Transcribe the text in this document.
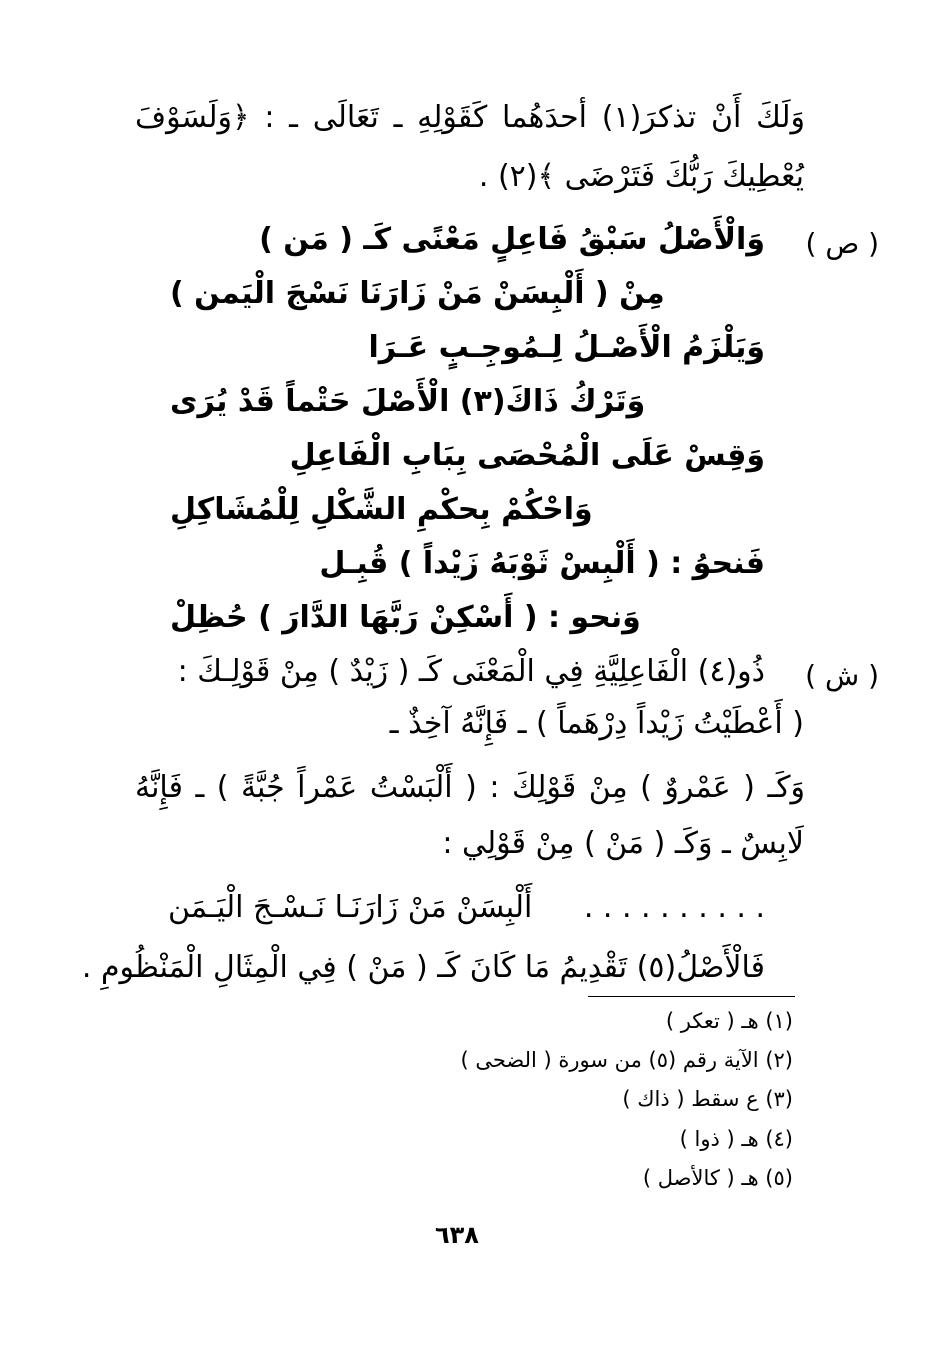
وَلَكَ أَنْ تذكرَ(١) أحدَهُما كَقَوْلِهِ ـ تَعَالَى ـ : ﴿وَلَسَوْفَ
يُعْطِيكَ رَبُّكَ فَتَرْضَى ﴾(٢) .
( ص )
وَالْأَصْلُ سَبْقُ فَاعِلٍ مَعْنًى كَـ ( مَن )
مِنْ ( أَلْبِسَنْ مَنْ زَارَنَا نَسْجَ الْيَمن )
وَيَلْزَمُ الْأَصْـلُ لِـمُوجِـبٍ عَـرَا
وَتَرْكُ ذَاكَ(٣) الْأَصْلَ حَتْماً قَدْ يُرَى
وَقِسْ عَلَى الْمُحْصَى بِبَابِ الْفَاعِلِ
وَاحْكُمْ بِحكْمِ الشَّكْلِ لِلْمُشَاكِلِ
فَنحوُ : ( أَلْبِسْ ثَوْبَهُ زَيْداً ) قُبِـل
وَنحو : ( أَسْكِنْ رَبَّهَا الدَّارَ ) حُظِلْ
( ش )
ذُو(٤) الْفَاعِلِيَّةِ فِي الْمَعْنَى كَـ ( زَيْدٌ ) مِنْ قَوْلِـكَ :
( أَعْطَيْتُ زَيْداً دِرْهَماً ) ـ فَإِنَّهُ آخِذٌ ـ
وَكَـ ( عَمْروٌ ) مِنْ قَوْلِكَ : ( أَلْبَسْتُ عَمْراً جُبَّةً ) ـ فَإِنَّهُ
لَابِسٌ ـ وَكَـ ( مَنْ ) مِنْ قَوْلِي :
أَلْبِسَنْ مَنْ زَارَنَـا نَـسْـجَ الْيَـمَن . . . . . . . . . .
فَالْأَصْلُ(٥) تَقْدِيمُ مَا كَانَ كَـ ( مَنْ ) فِي الْمِثَالِ الْمَنْظُومِ .
(١) هـ ( تعكر )
(٢) الآية رقم (٥) من سورة ( الضحى )
(٣) ع سقط ( ذاك )
(٤) هـ ( ذوا )
(٥) هـ ( كالأصل )
٦٣٨
